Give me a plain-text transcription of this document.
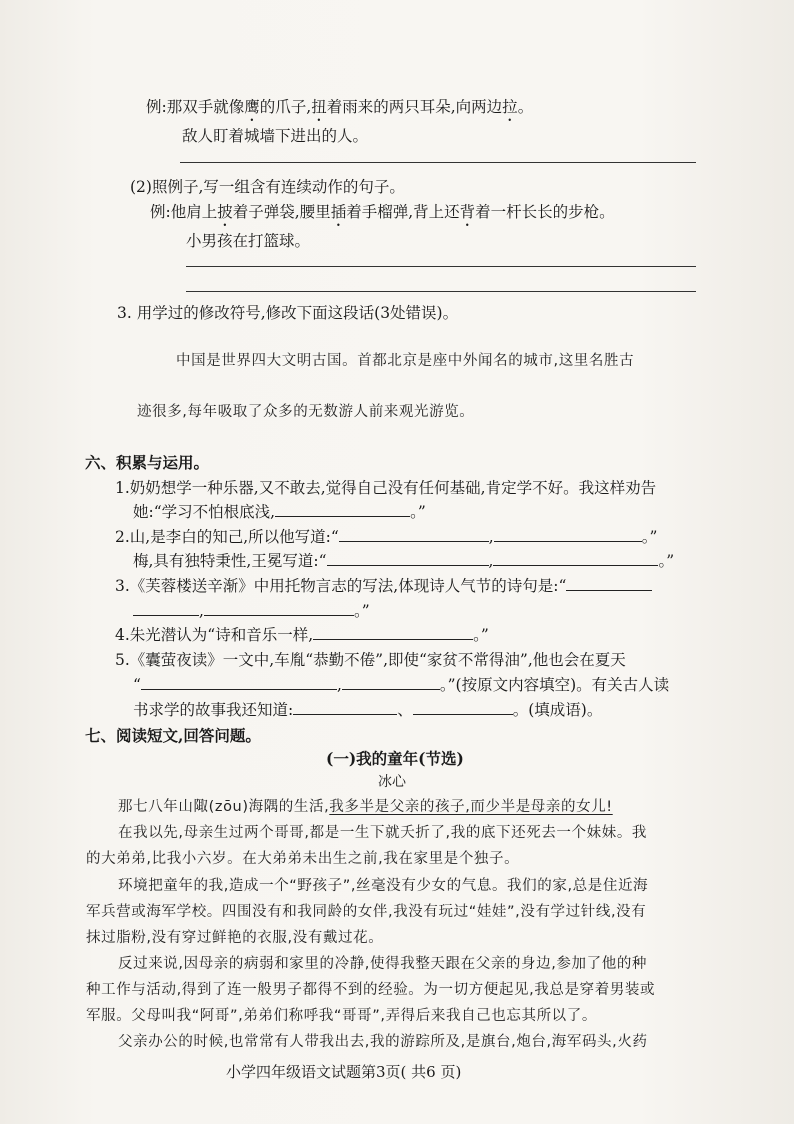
例:那双手就像鹰的爪子,扭着雨来的两只耳朵,向两边拉。
敌人盯着城墙下进出的人。
(2)照例子,写一组含有连续动作的句子。
例:他肩上披着子弹袋,腰里插着手榴弹,背上还背着一杆长长的步枪。
小男孩在打篮球。
3. 用学过的修改符号,修改下面这段话(3处错误)。
中国是世界四大文明古国。首都北京是座中外闻名的城市,这里名胜古
迹很多,每年吸取了众多的无数游人前来观光游览。
六、积累与运用。
1.奶奶想学一种乐器,又不敢去,觉得自己没有任何基础,肯定学不好。我这样劝告
她:“学习不怕根底浅,	。”
2.山,是李白的知己,所以他写道:“	,	。”
梅,具有独特秉性,王冕写道:“	,	。”
3.《芙蓉楼送辛渐》中用托物言志的写法,体现诗人气节的诗句是:“
,	。”
4.朱光潜认为“诗和音乐一样,	。”
5.《囊萤夜读》一文中,车胤“恭勤不倦”,即使“家贫不常得油”,他也会在夏天
“	,	。”(按原文内容填空)。有关古人读
书求学的故事我还知道:	、	。(填成语)。
七、阅读短文,回答问题。
(一)我的童年(节选)
冰心
那七八年山陬(zōu)海隅的生活,我多半是父亲的孩子,而少半是母亲的女儿!
在我以先,母亲生过两个哥哥,都是一生下就夭折了,我的底下还死去一个妹妹。我
的大弟弟,比我小六岁。在大弟弟未出生之前,我在家里是个独子。
环境把童年的我,造成一个“野孩子”,丝毫没有少女的气息。我们的家,总是住近海
军兵营或海军学校。四围没有和我同龄的女伴,我没有玩过“娃娃”,没有学过针线,没有
抹过脂粉,没有穿过鲜艳的衣服,没有戴过花。
反过来说,因母亲的病弱和家里的冷静,使得我整天跟在父亲的身边,参加了他的种
种工作与活动,得到了连一般男子都得不到的经验。为一切方便起见,我总是穿着男装或
军服。父母叫我“阿哥”,弟弟们称呼我“哥哥”,弄得后来我自己也忘其所以了。
父亲办公的时候,也常常有人带我出去,我的游踪所及,是旗台,炮台,海军码头,火药
小学四年级语文试题第3页( 共6 页)
